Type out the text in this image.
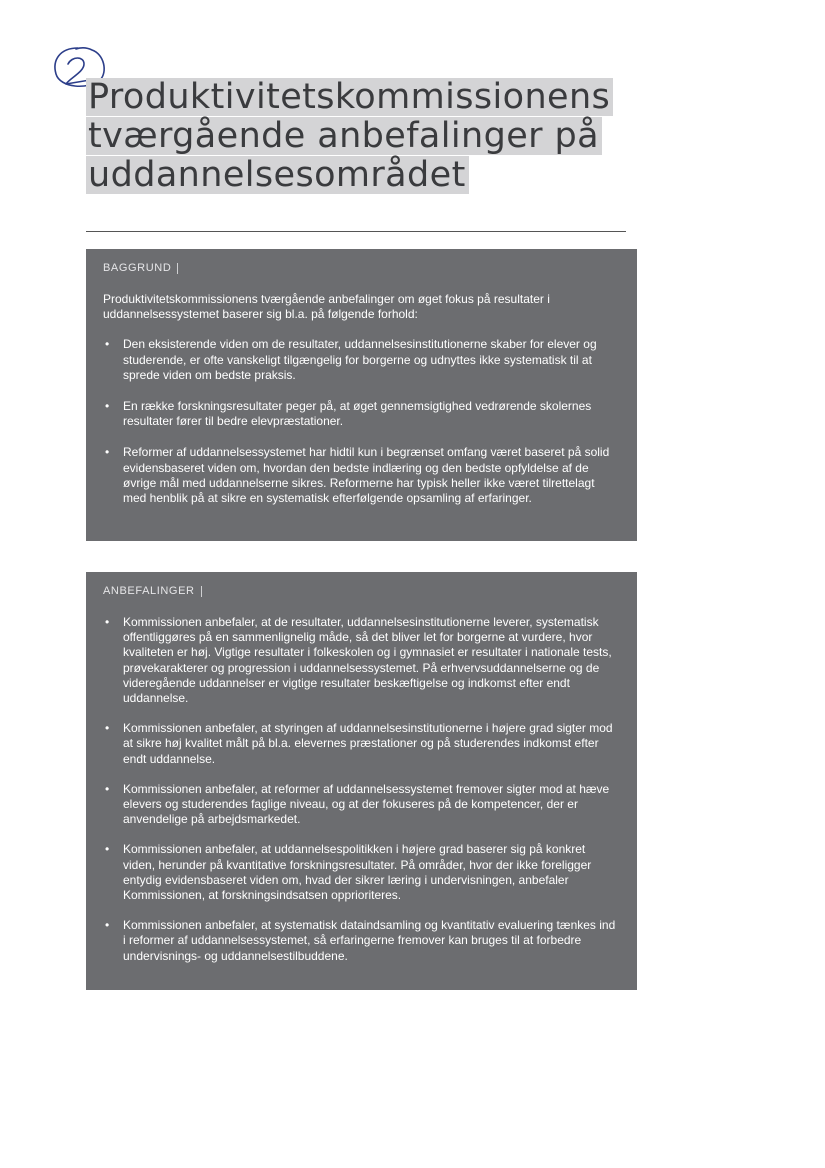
Produktivitetskommissionens
tværgående anbefalinger på
uddannelsesområdet
BAGGRUND

Produktivitetskommissionens tværgående anbefalinger om øget fokus på resultater i uddannelsessystemet baserer sig bl.a. på følgende forhold:

• Den eksisterende viden om de resultater, uddannelsesinstitutionerne skaber for elever og studerende, er ofte vanskeligt tilgængelig for borgerne og udnyttes ikke systematisk til at sprede viden om bedste praksis.
• En række forskningsresultater peger på, at øget gennemsigtighed vedrørende skolernes resultater fører til bedre elevpræstationer.
• Reformer af uddannelsessystemet har hidtil kun i begrænset omfang været baseret på solid evidensbaseret viden om, hvordan den bedste indlæring og den bedste opfyldelse af de øvrige mål med uddannelserne sikres. Reformerne har typisk heller ikke været tilrettelagt med henblik på at sikre en systematisk efterfølgende opsamling af erfaringer.
ANBEFALINGER
• Kommissionen anbefaler, at de resultater, uddannelsesinstitutionerne leverer, systematisk offentliggøres på en sammenlignelig måde, så det bliver let for borgerne at vurdere, hvor kvaliteten er høj. Vigtige resultater i folkeskolen og i gymnasiet er resultater i nationale tests, prøvekarakterer og progression i uddannelsessystemet. På erhvervsuddannelserne og de videregående uddannelser er vigtige resultater beskæftigelse og indkomst efter endt uddannelse.
• Kommissionen anbefaler, at styringen af uddannelsesinstitutionerne i højere grad sigter mod at sikre høj kvalitet målt på bl.a. elevernes præstationer og på studerendes indkomst efter endt uddannelse.
• Kommissionen anbefaler, at reformer af uddannelsessystemet fremover sigter mod at hæve elevers og studerendes faglige niveau, og at der fokuseres på de kompetencer, der er anvendelige på arbejdsmarkedet.
• Kommissionen anbefaler, at uddannelsespolitikken i højere grad baserer sig på konkret viden, herunder på kvantitative forskningsresultater. På områder, hvor der ikke foreligger entydig evidensbaseret viden om, hvad der sikrer læring i undervisningen, anbefaler Kommissionen, at forskningsindsatsen opprioriteres.
• Kommissionen anbefaler, at systematisk dataindsamling og kvantitativ evaluering tænkes ind i reformer af uddannelsessystemet, så erfaringerne fremover kan bruges til at forbedre undervisnings- og uddannelsestilbuddene.
